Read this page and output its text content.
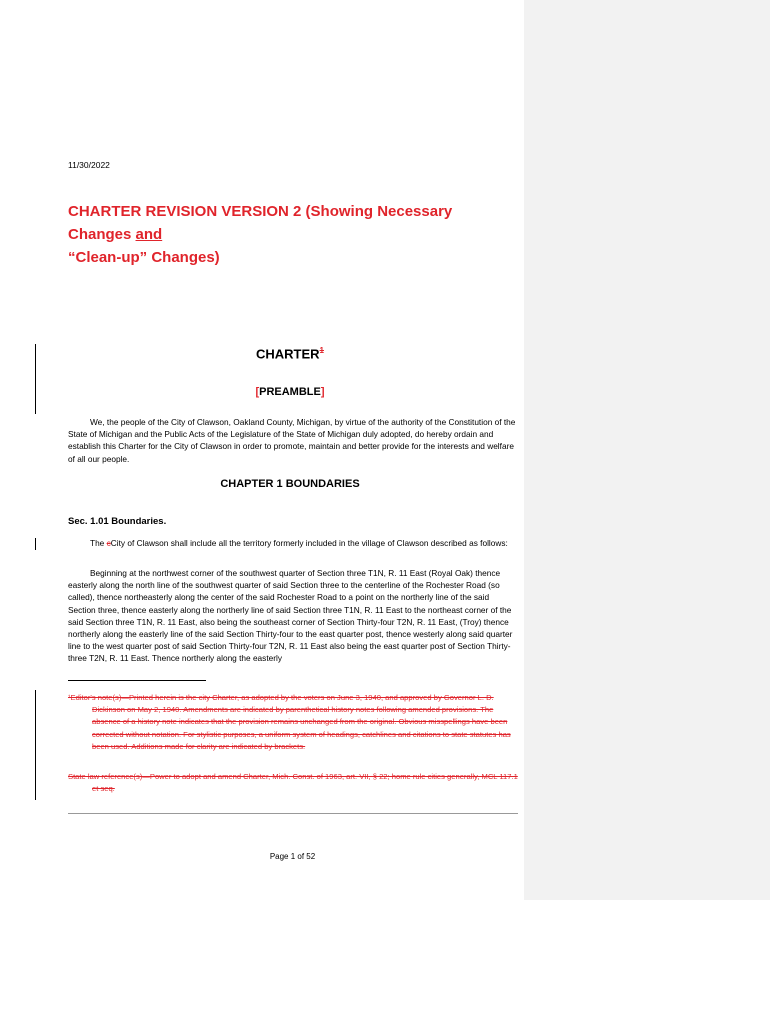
11/30/2022
CHARTER REVISION VERSION 2 (Showing Necessary Changes and
“Clean-up” Changes)
CHARTER$^1$
[PREAMBLE]
We, the people of the City of Clawson, Oakland County, Michigan, by virtue of the authority of the Constitution of the State of Michigan and the Public Acts of the Legislature of the State of Michigan duly adopted, do hereby ordain and establish this Charter for the City of Clawson in order to promote, maintain and better provide for the interests and welfare of all our people.
CHAPTER 1 BOUNDARIES
Sec. 1.01 Boundaries.
The cCity of Clawson shall include all the territory formerly included in the village of Clawson described as follows:
Beginning at the northwest corner of the southwest quarter of Section three T1N, R. 11 East (Royal Oak) thence easterly along the north line of the southwest quarter of said Section three to the centerline of the Rochester Road (so called), thence northeasterly along the center of the said Rochester Road to a point on the northerly line of the said Section three, thence easterly along the northerly line of said Section three T1N, R. 11 East to the northeast corner of the said Section three T1N, R. 11 East, also being the southeast corner of Section Thirty-four T2N, R. 11 East, (Troy) thence northerly along the easterly line of the said Section Thirty-four to the east quarter post, thence westerly along said quarter line to the west quarter post of said Section Thirty-four T2N, R. 11 East also being the east quarter post of Section Thirty-three T2N, R. 11 East. Thence northerly along the easterly
¹Editor's note(s)—Printed herein is the city Charter, as adopted by the voters on June 3, 1940, and approved by Governor L. D. Dickinson on May 2, 1940. Amendments are indicated by parenthetical history notes following amended provisions. The absence of a history note indicates that the provision remains unchanged from the original. Obvious misspellings have been corrected without notation. For stylistic purposes, a uniform system of headings, catchlines and citations to state statutes has been used. Additions made for clarity are indicated by brackets.
State law reference(s)—Power to adopt and amend Charter, Mich. Const. of 1963, art. VII, § 22; home rule cities generally, MCL 117.1 et seq.
Page 1 of 52
